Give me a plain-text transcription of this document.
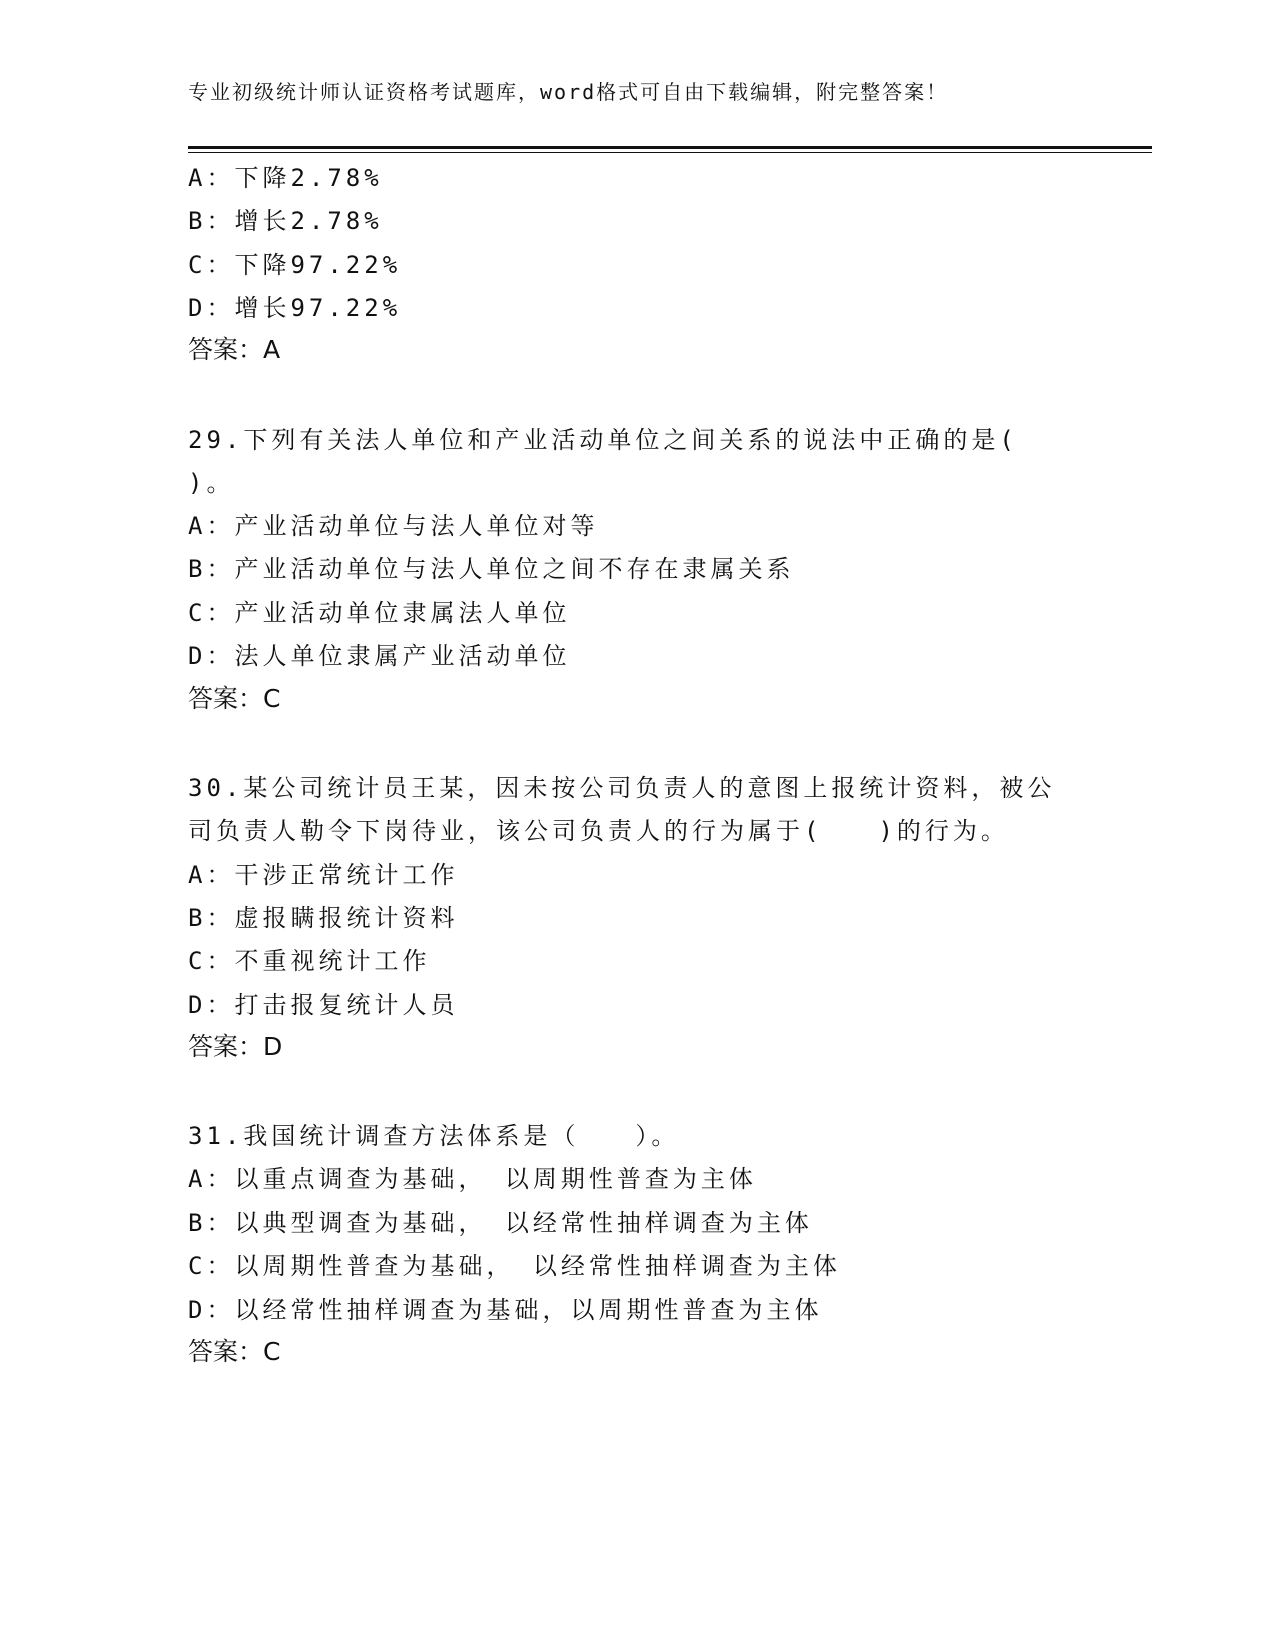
专业初级统计师认证资格考试题库，word格式可自由下载编辑，附完整答案！
A：下降2.78%
B：增长2.78%
C：下降97.22%
D：增长97.22%
答案：A
29.下列有关法人单位和产业活动单位之间关系的说法中正确的是(
)。
A：产业活动单位与法人单位对等
B：产业活动单位与法人单位之间不存在隶属关系
C：产业活动单位隶属法人单位
D：法人单位隶属产业活动单位
答案：C
30.某公司统计员王某，因未按公司负责人的意图上报统计资料，被公
司负责人勒令下岗待业，该公司负责人的行为属于(　　)的行为。
A：干涉正常统计工作
B：虚报瞒报统计资料
C：不重视统计工作
D：打击报复统计人员
答案：D
31.我国统计调查方法体系是（　　）。
A：以重点调查为基础， 以周期性普查为主体
B：以典型调查为基础， 以经常性抽样调查为主体
C：以周期性普查为基础， 以经常性抽样调查为主体
D：以经常性抽样调查为基础，以周期性普查为主体
答案：C
